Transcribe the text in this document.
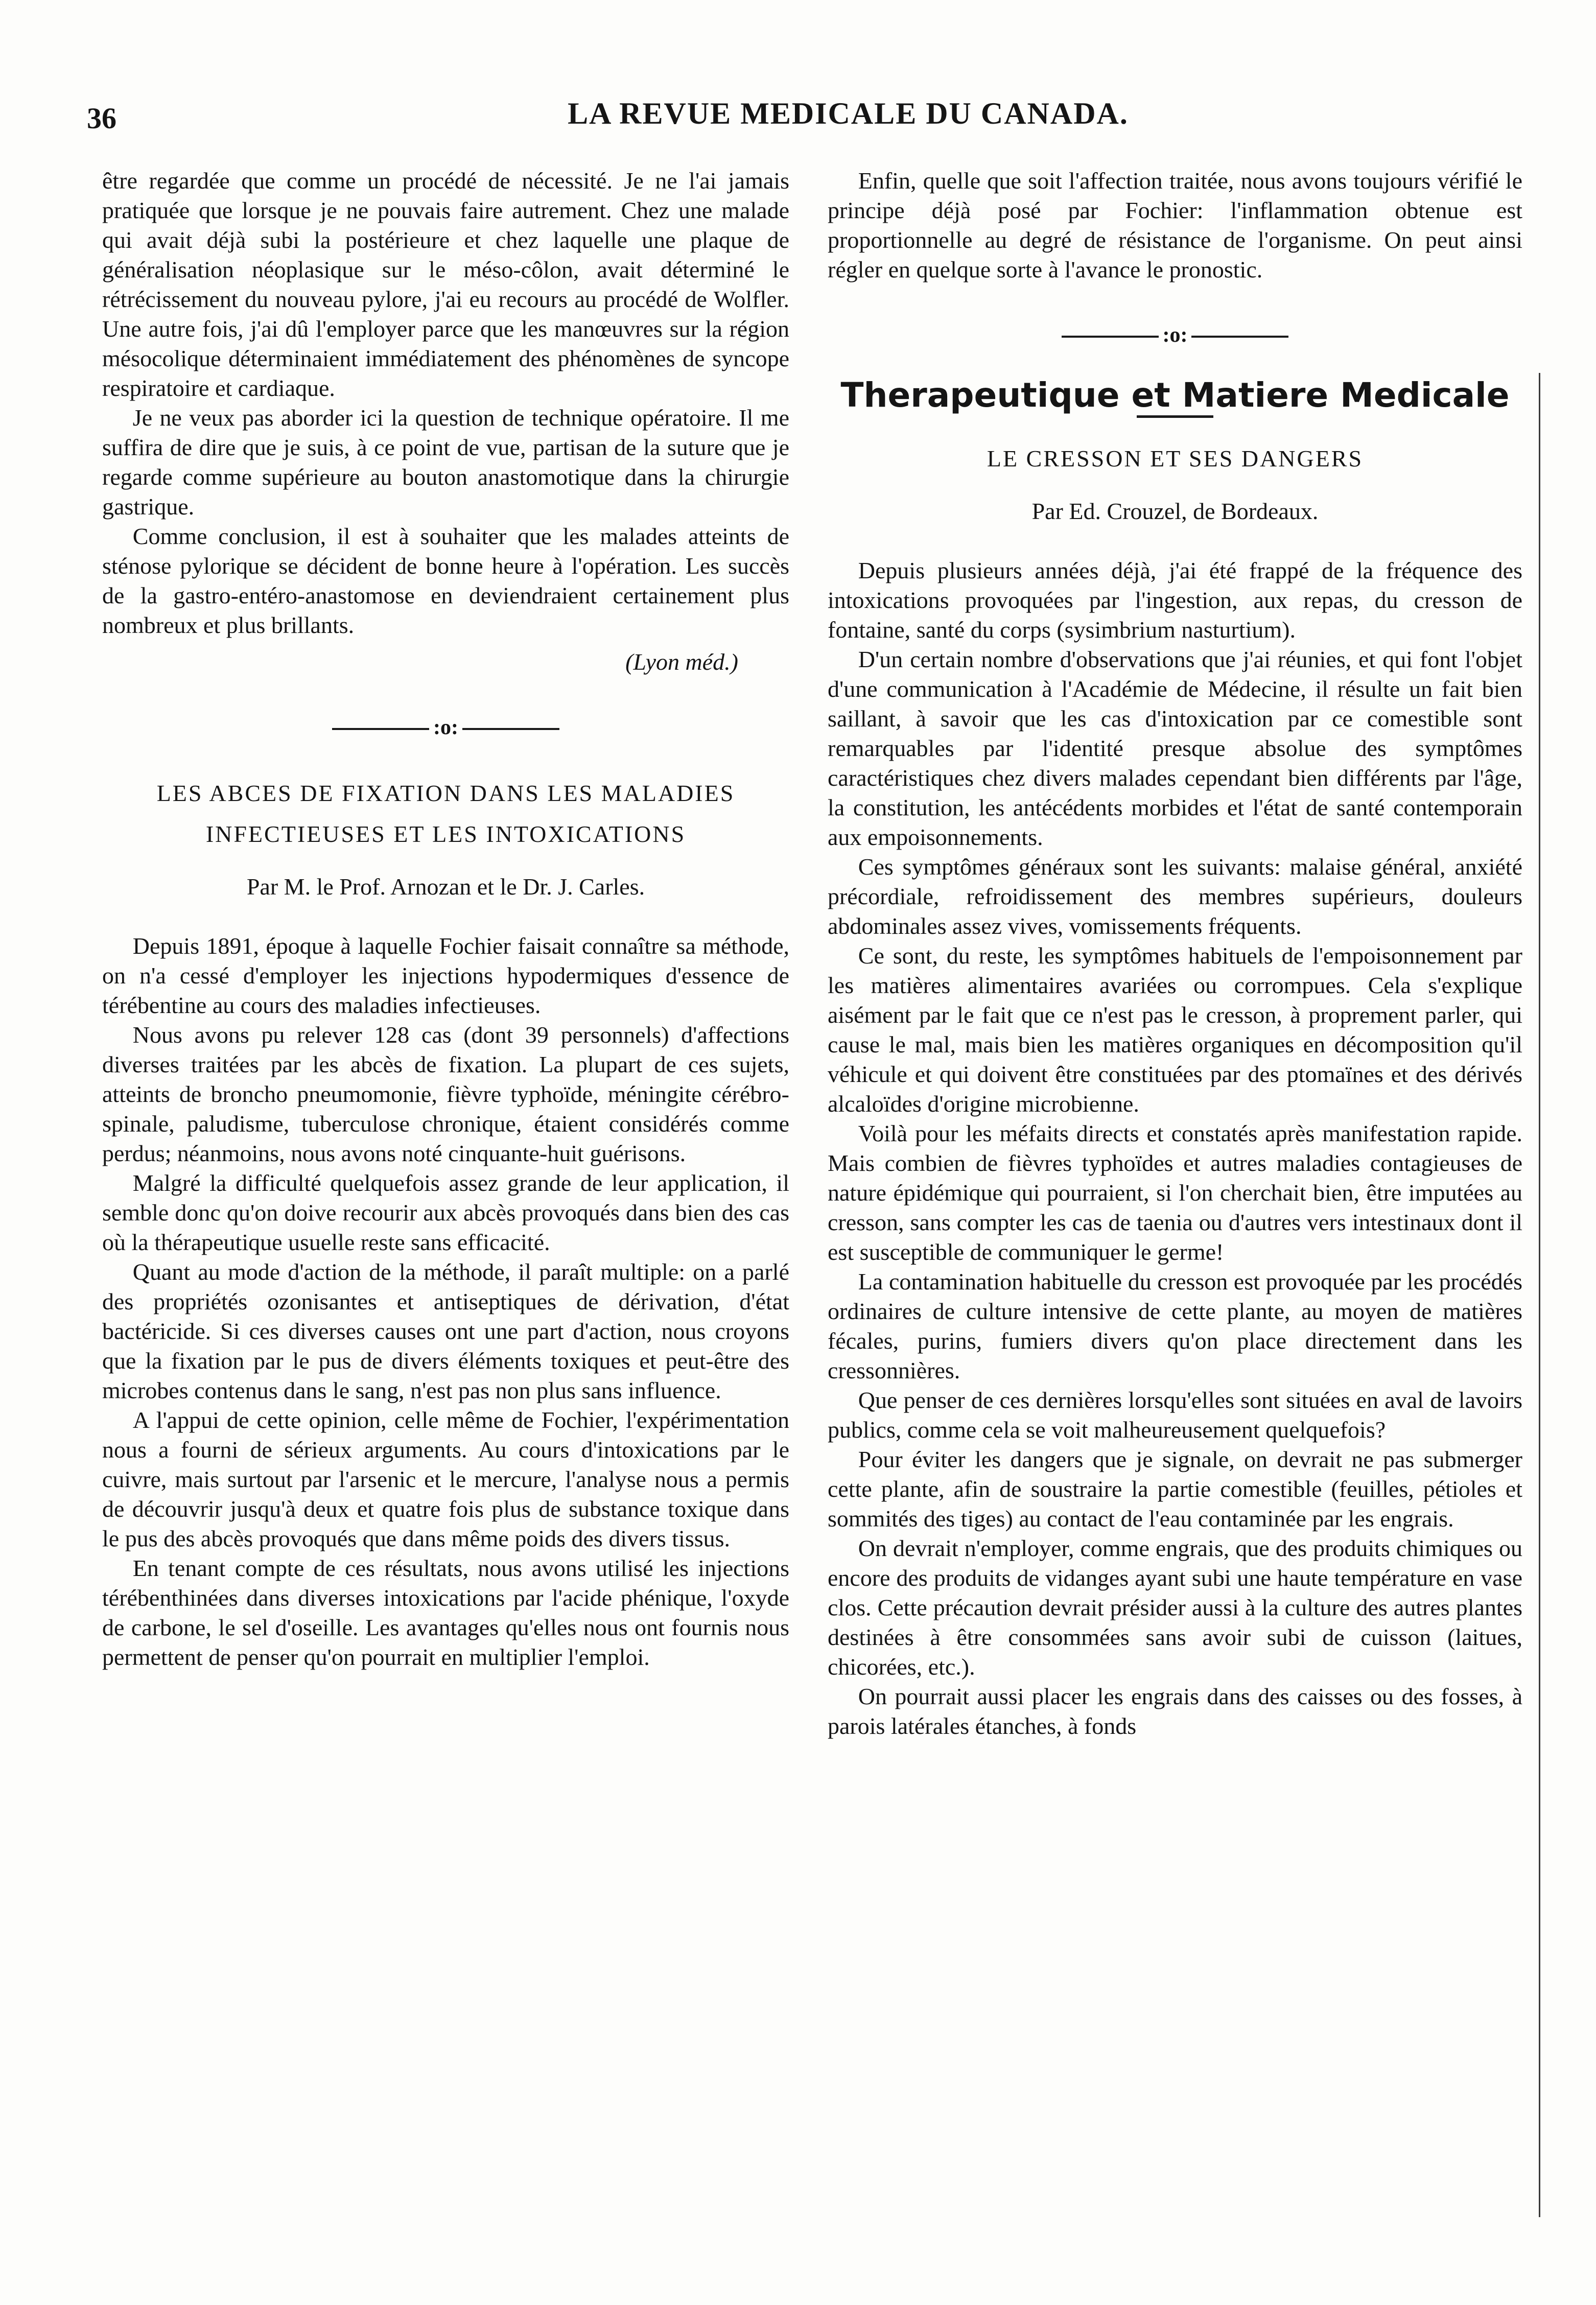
36	LA REVUE MEDICALE DU CANADA.

être regardée que comme un procédé de nécessité. Je ne l'ai jamais pratiquée que lorsque je ne pouvais faire autrement. Chez une malade qui avait déjà subi la postérieure et chez laquelle une plaque de généralisation néoplasique sur le méso-côlon, avait déterminé le rétrécissement du nouveau pylore, j'ai eu recours au procédé de Wolfler. Une autre fois, j'ai dû l'employer parce que les manœuvres sur la région mésocolique déterminaient immédiatement des phénomènes de syncope respiratoire et cardiaque.

Je ne veux pas aborder ici la question de technique opératoire. Il me suffira de dire que je suis, à ce point de vue, partisan de la suture que je regarde comme supérieure au bouton anastomotique dans la chirurgie gastrique.

Comme conclusion, il est à souhaiter que les malades atteints de sténose pylorique se décident de bonne heure à l'opération. Les succès de la gastro-entéro-anastomose en deviendraient certainement plus nombreux et plus brillants.

(Lyon méd.)

:o:
LES ABCES DE FIXATION DANS LES MALADIES INFECTIEUSES ET LES INTOXICATIONS

Par M. le Prof. Arnozan et le Dr. J. Carles.

Depuis 1891, époque à laquelle Fochier faisait connaître sa méthode, on n'a cessé d'employer les injections hypodermiques d'essence de térébentine au cours des maladies infectieuses.

Nous avons pu relever 128 cas (dont 39 personnels) d'affections diverses traitées par les abcès de fixation. La plupart de ces sujets, atteints de broncho pneumomonie, fièvre typhoïde, méningite cérébro-spinale, paludisme, tuberculose chronique, étaient considérés comme perdus; néanmoins, nous avons noté cinquante-huit guérisons.

Malgré la difficulté quelquefois assez grande de leur application, il semble donc qu'on doive recourir aux abcès provoqués dans bien des cas où la thérapeutique usuelle reste sans efficacité.

Quant au mode d'action de la méthode, il paraît multiple: on a parlé des propriétés ozonisantes et antiseptiques de dérivation, d'état bactéricide. Si ces diverses causes ont une part d'action, nous croyons que la fixation par le pus de divers éléments toxiques et peut-être des microbes contenus dans le sang, n'est pas non plus sans influence.

A l'appui de cette opinion, celle même de Fochier, l'expérimentation nous a fourni de sérieux arguments. Au cours d'intoxications par le cuivre, mais surtout par l'arsenic et le mercure, l'analyse nous a permis de découvrir jusqu'à deux et quatre fois plus de substance toxique dans le pus des abcès provoqués que dans même poids des divers tissus.

En tenant compte de ces résultats, nous avons utilisé les injections térébenthinées dans diverses intoxications par l'acide phénique, l'oxyde de carbone, le sel d'oseille. Les avantages qu'elles nous ont fournis nous permettent de penser qu'on pourrait en multiplier l'emploi.

Enfin, quelle que soit l'affection traitée, nous avons toujours vérifié le principe déjà posé par Fochier: l'inflammation obtenue est proportionnelle au degré de résistance de l'organisme. On peut ainsi régler en quelque sorte à l'avance le pronostic.

:o:
Therapeutique et Matiere Medicale
LE CRESSON ET SES DANGERS

Par Ed. Crouzel, de Bordeaux.

Depuis plusieurs années déjà, j'ai été frappé de la fréquence des intoxications provoquées par l'ingestion, aux repas, du cresson de fontaine, santé du corps (sysimbrium nasturtium).

D'un certain nombre d'observations que j'ai réunies, et qui font l'objet d'une communication à l'Académie de Médecine, il résulte un fait bien saillant, à savoir que les cas d'intoxication par ce comestible sont remarquables par l'identité presque absolue des symptômes caractéristiques chez divers malades cependant bien différents par l'âge, la constitution, les antécédents morbides et l'état de santé contemporain aux empoisonnements.

Ces symptômes généraux sont les suivants: malaise général, anxiété précordiale, refroidissement des membres supérieurs, douleurs abdominales assez vives, vomissements fréquents.

Ce sont, du reste, les symptômes habituels de l'empoisonnement par les matières alimentaires avariées ou corrompues. Cela s'explique aisément par le fait que ce n'est pas le cresson, à proprement parler, qui cause le mal, mais bien les matières organiques en décomposition qu'il véhicule et qui doivent être constituées par des ptomaïnes et des dérivés alcaloïdes d'origine microbienne.

Voilà pour les méfaits directs et constatés après manifestation rapide. Mais combien de fièvres typhoïdes et autres maladies contagieuses de nature épidémique qui pourraient, si l'on cherchait bien, être imputées au cresson, sans compter les cas de taenia ou d'autres vers intestinaux dont il est susceptible de communiquer le germe!

La contamination habituelle du cresson est provoquée par les procédés ordinaires de culture intensive de cette plante, au moyen de matières fécales, purins, fumiers divers qu'on place directement dans les cressonnières.

Que penser de ces dernières lorsqu'elles sont situées en aval de lavoirs publics, comme cela se voit malheureusement quelquefois?

Pour éviter les dangers que je signale, on devrait ne pas submerger cette plante, afin de soustraire la partie comestible (feuilles, pétioles et sommités des tiges) au contact de l'eau contaminée par les engrais.

On devrait n'employer, comme engrais, que des produits chimiques ou encore des produits de vidanges ayant subi une haute température en vase clos. Cette précaution devrait présider aussi à la culture des autres plantes destinées à être consommées sans avoir subi de cuisson (laitues, chicorées, etc.).

On pourrait aussi placer les engrais dans des caisses ou des fosses, à parois latérales étanches, à fonds
